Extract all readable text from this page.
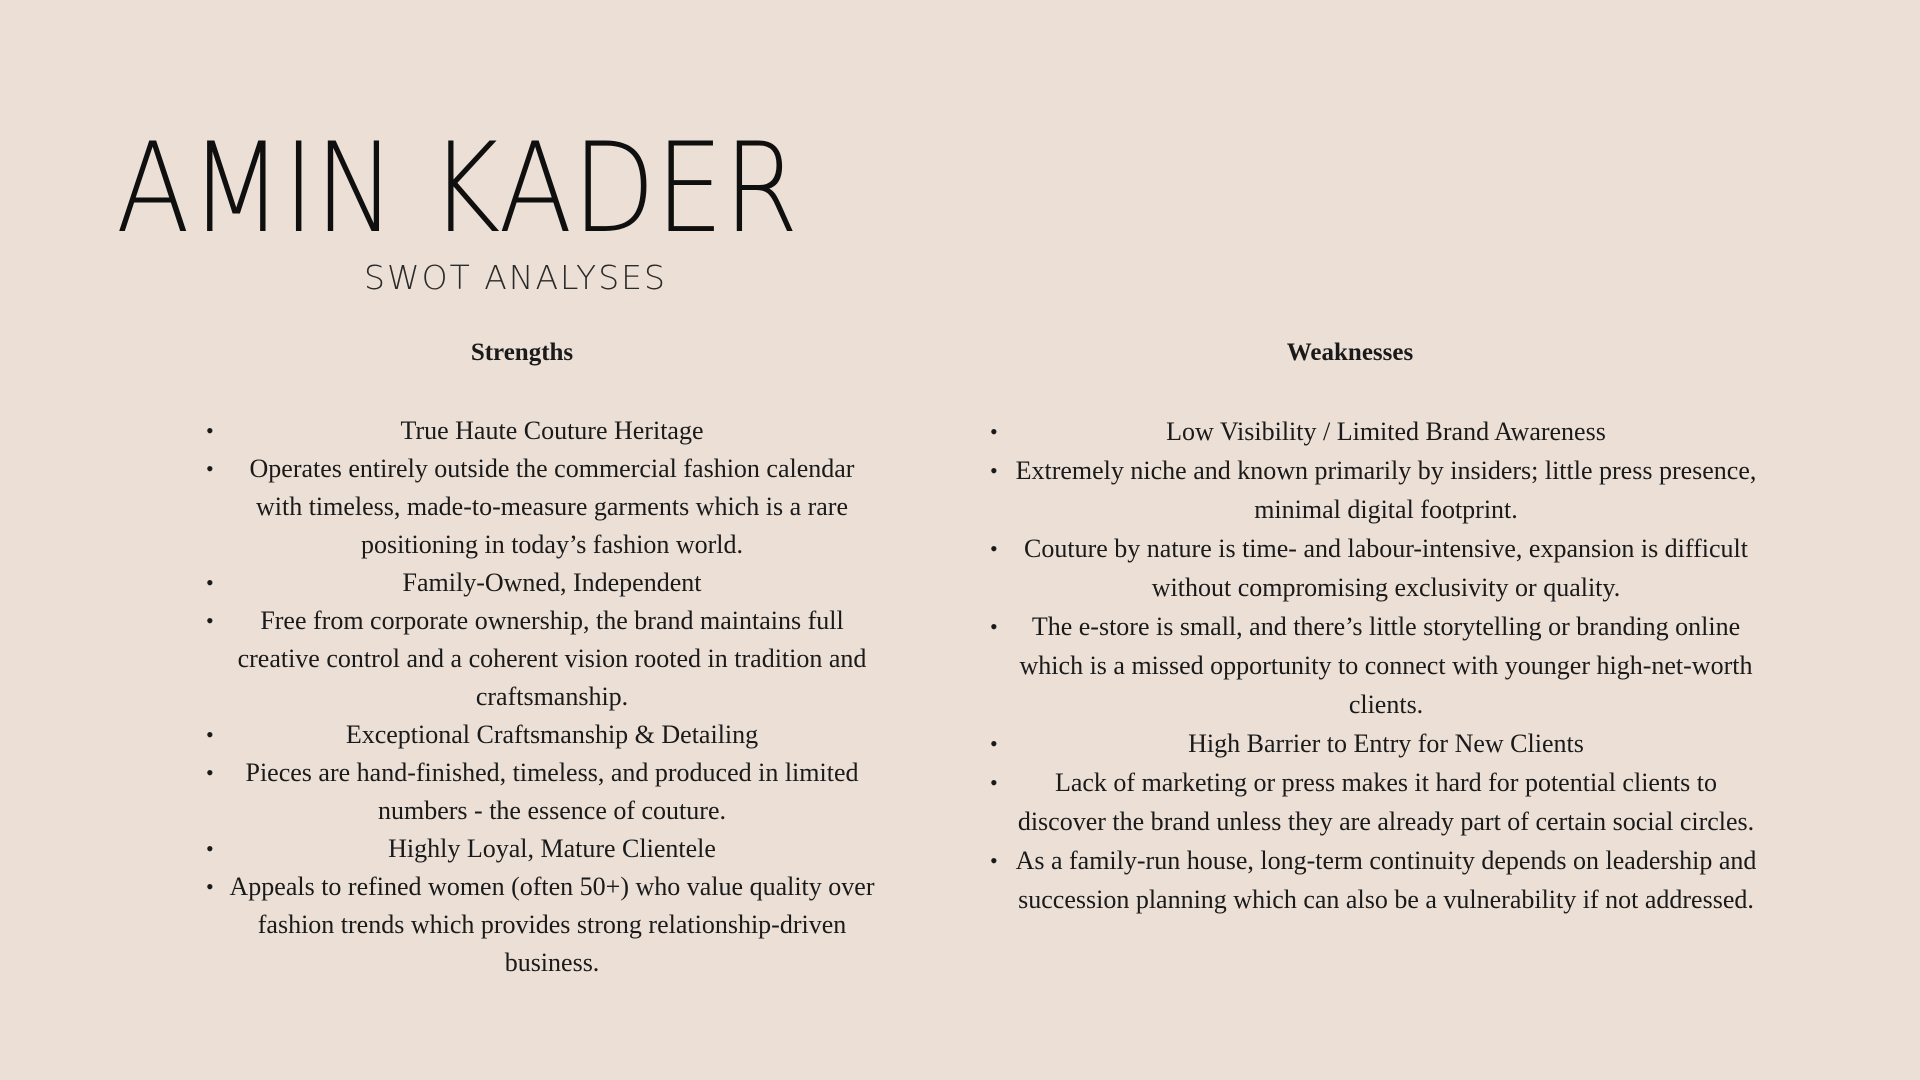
AMIN KADER
SWOT ANALYSES
Strengths
•	True Haute Couture Heritage
• Operates entirely outside the commercial fashion calendar with timeless, made-to-measure garments which is a rare positioning in today’s fashion world.
•	Family-Owned, Independent
• Free from corporate ownership, the brand maintains full creative control and a coherent vision rooted in tradition and craftsmanship.
•	Exceptional Craftsmanship & Detailing
• Pieces are hand-finished, timeless, and produced in limited numbers - the essence of couture.
•	Highly Loyal, Mature Clientele
• Appeals to refined women (often 50+) who value quality over fashion trends which provides strong relationship-driven business.
Weaknesses
•	Low Visibility / Limited Brand Awareness
• Extremely niche and known primarily by insiders; little press presence, minimal digital footprint.
• Couture by nature is time- and labour-intensive, expansion is difficult without compromising exclusivity or quality.
• The e-store is small, and there’s little storytelling or branding online which is a missed opportunity to connect with younger high-net-worth clients.
•	High Barrier to Entry for New Clients
• Lack of marketing or press makes it hard for potential clients to discover the brand unless they are already part of certain social circles.
• As a family-run house, long-term continuity depends on leadership and succession planning which can also be a vulnerability if not addressed.
